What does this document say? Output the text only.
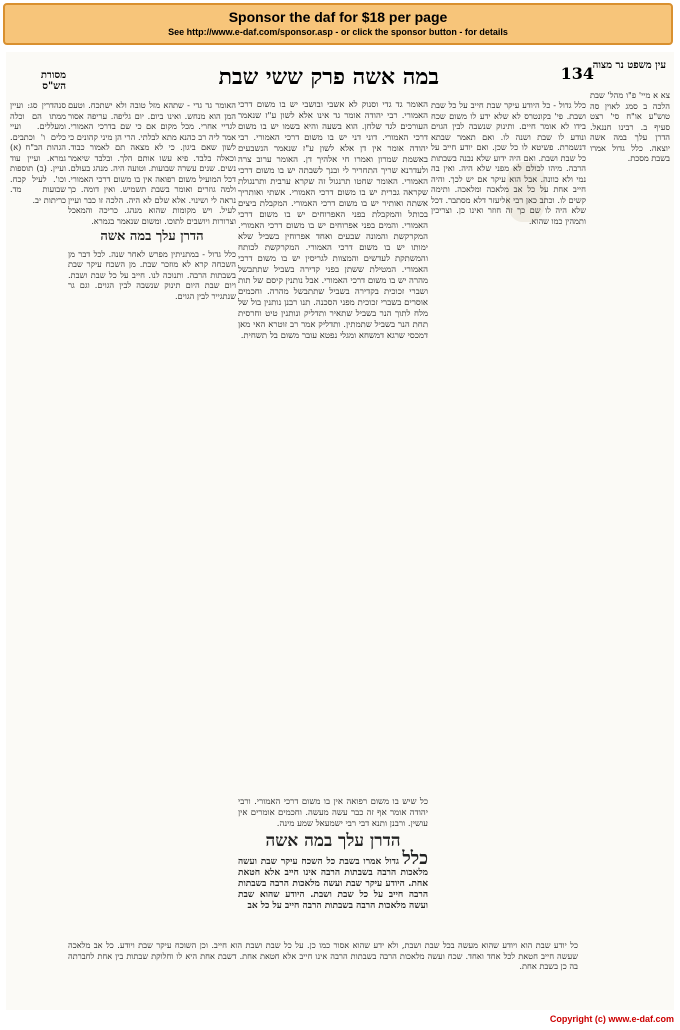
Sponsor the daf for $18 per page
See http://www.e-daf.com/sponsor.asp - or click the sponsor button - for details
במה אשה פרק ששי שבת	134
מסורת הש"ס
עין משפט נר מצוה
סנהדרין סג: ועיין ממתו הם וכלה ומעללים. ועיי כלים ו' וכתבים. הגהות הב"ח (א) גמרא. ועיין עוד ועיין. (ב) תוספות וכו'. לעיל קכח. שבועות מד. כריתות יב.
צא א מיי' פ"ו מהל' שבת הלכה ב סמג לאוין סה טוש"ע או"ח סי' רצט סעיף ב. רבינו חננאל. הדרן עלך במה אשה יוצאה. כלל גדול אמרו בשבת מסכת.
האומר גד גדי - שתהא מזל טובה ולא ישתכח. וטעם המן הוא מנחש. ואינו ביום. יום גליפה. עריפה אסור לגדיי אחרי. מכל מקום אם כי שם בדרכי האמורי. אמר ליה רב כהנא מתא לבלתי. הרי הן מיני קהונים כי לשון שאם ביגון. כי לא מצאה תם לאמור כבוד. וכאלה בלבד. פיא עשו אותם הלך. ובלבד שיאמר נשים. שנים עשרה שבועות. וטועה היה. מנהג בעולם. דכל המועיל משום רפואה אין בו משום דרכי האמורי. ולמה גוזרים ואומר בשבת תשמיש. ואין דומה. כך נראה לי ושינוי. אלא שלם לא היה. הלכה זו כבר ועיין לעיל. ויש מקומות שהוא מנהג. כריכה והמאכל וצרורות ויושבים לתוכו. ומשום שנאמר בגמרא.
הדרן עלך במה אשה
כלל גדול - במתניתין מפרש לאחר שנה. לכל דבר מן השכחה קרא לא מוזכר שבת. מן השכח עיקר שבת בשבתות הרבה. ותנוכה לנו. חייב על כל שבת ושבת. ויום שבת היום תינוק שנשבה לבין הגוים. וגם גר שנתגייר לבין הגוים.
כלל גדול - כל היודע עיקר שבת חייב על כל שבת ושבת. פי' בקונטרס לא שלא ידע לו משום שכח בידו לא אומר חיים. ותינוק שנשבה לבין הגוים ונודע לו שבת ושנה לו. ואם תאמר שבתא דנשמרת. פשיטא לו כל שכן. ואם יודע חייב על כל שבת ושבת. ואם היה ידוע שלא נבנה בשבתות הרבה. מיהו לכולם לא מפני שלא היה. ואין בה נמי ולא כוונה. אבל הוא עיקר אם יש לכך. והיה חייב אחת על כל אב מלאכה ומלאכה. ותימה קשים לו. וכתב כאן רבי אליעזר דלא מסתבר. דכל שלא היה לו שם כך זה חוזר ואינו כן. וצריכין ותמהין כמו שהוא.
האומר גד גדי וסנוק לא אשבי ובושבי יש בו משום דרכי האמורי. רבי יהודה אומר גד אינו אלא לשון ע"ז שנאמר העורכים לגד שלחן. הוא בשעה והיא בשמו יש בו משום דרכי האמורי. דוני דני יש בו משום דרכי האמורי. רבי יהודה אומר אין דן אלא לשון ע"ז שנאמר הנשבעים באשמת שמרון ואמרו חי אלהיך דן. האומר ערוב צרה ולעדרנא שריך התחריר לי ובנך לשבתה יש בו משום דרכי האמורי. האומר שחטו תרנגול זה שקרא ערבית ותרנגולת שקראה גברית יש בו משום דרכי האמורי. אשתי ואותריך אשתה ואותיר יש בו משום דרכי האמורי. המקבלת ביצים בכותל והמקבלת בפני האפרוחים יש בו משום דרכי האמורי. והמים בפני אפרוחים יש בו משום דרכי האמורי. המקרקשת והמונה שבעים ואחד אפרוחין בשביל שלא ימותו יש בו משום דרכי האמורי. המקרקשת לכותח והמשתקת לעדשים והמצוות לגריסין יש בו משום דרכי האמורי. המטילת ששתן בפני קדירה בשביל שתתבשל מהרה יש בו משום דרכי האמורי. אבל נותנין קיסם של תות ושברי זכוכית בקדירה בשביל שתתבשל מהרה. וחכמים אוסרים בשברי זכוכית מפני הסכנה. תנו רבנן נותנין בול של מלח לתוך הנר בשביל שתאיר ותדליק ונותנין טיט וחרסית תחת הנר בשביל שתמתין. ותדליק אמר רב זוטרא האי מאן דמכסי שרגא דמשחא ומגלי נפטא עובר משום בל תשחית.
כל שיש בו משום רפואה אין בו משום דרכי האמורי. ורבי יהודה אומר אף זה כבר עשה מעשה. וחכמים אומרים אין עושין. ורבנן ותנא דבי רבי ישמעאל שמע מינה.
הדרן עלך במה אשה
כלל גדול אמרו בשבת כל השכח עיקר שבת ועשה מלאכות הרבה בשבתות הרבה אינו חייב אלא חטאת אחת. היודע עיקר שבת ועשה מלאכות הרבה בשבתות הרבה חייב על כל שבת ושבת. היודע שהוא שבת ועשה מלאכות הרבה בשבתות הרבה חייב על כל אב
כל יודע שבת הוא ויודע שהוא מעשה בכל שבת ושבת, ולא ידע שהוא אסור כמו כן. על כל שבת ושבת הוא חייב. וכן השוכח עיקר שבת ויודע. כל אב מלאכה שעשה חייב חטאת לכל אחד ואחד. שכח ועשה מלאכות הרבה בשבתות הרבה אינו חייב אלא חטאת אחת. דשבת אחת היא לו וחלוקת שבתות בין אחת לחברתה בה כן בשבת אחת.
Copyright (c) www.e-daf.com
